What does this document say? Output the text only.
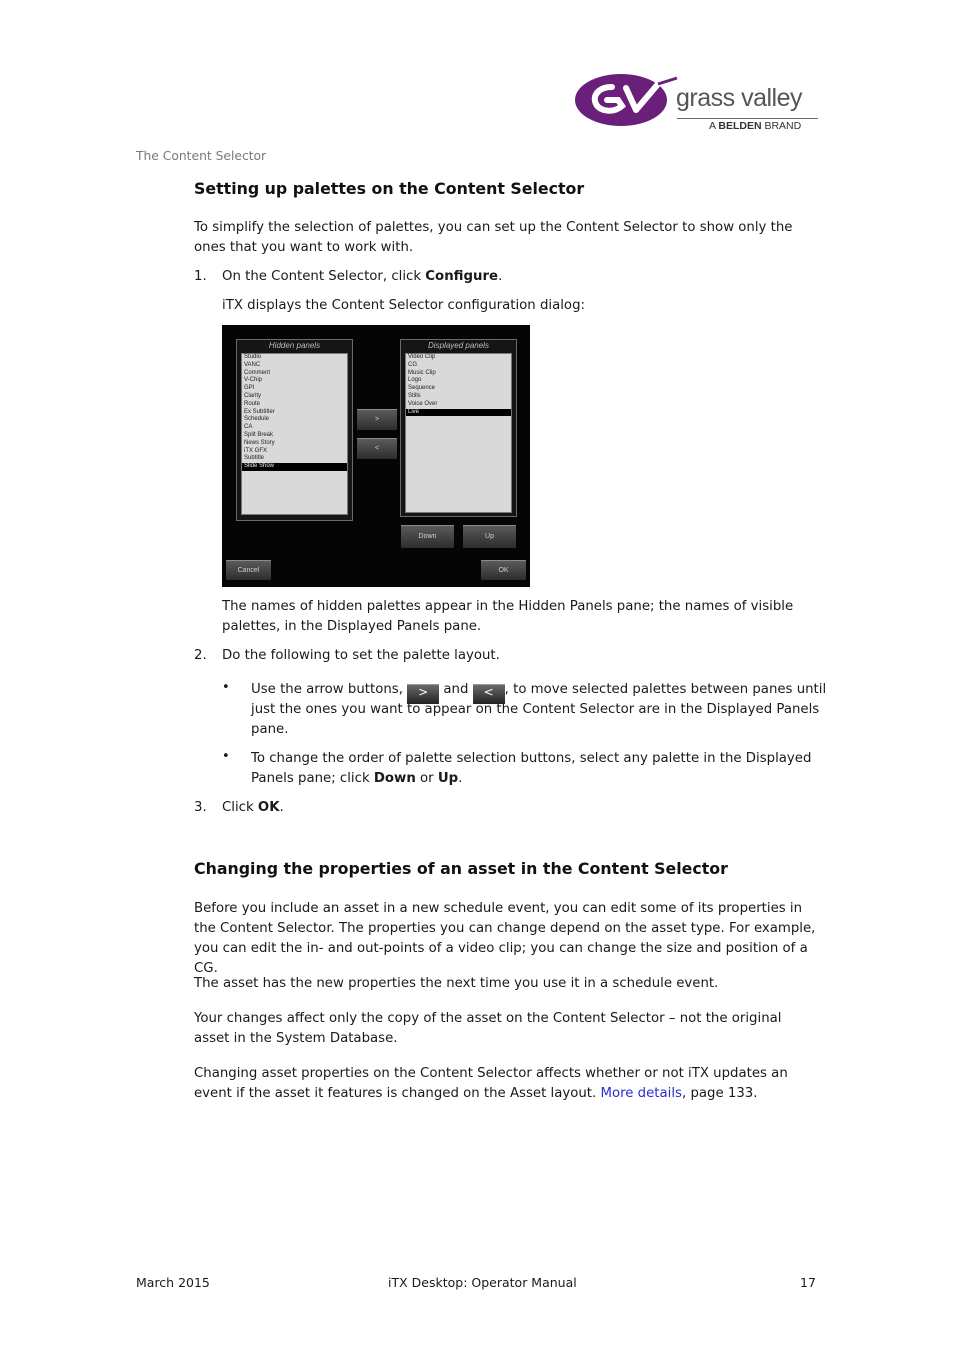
grass valley
A BELDEN BRAND
The Content Selector
Setting up palettes on the Content Selector

To simplify the selection of palettes, you can set up the Content Selector to show only the ones that you want to work with.

1. On the Content Selector, click Configure.

iTX displays the Content Selector configuration dialog:

Hidden panels
Studio
VANC
Comment
V-Chip
GPI
Clarity
Route
Ex Subtitler
Schedule
CA
Split Break
News Story
iTX GFX
Subtitle
Slide Show
Displayed panels
Video Clip
CG
Music Clip
Logo
Sequence
Stills
Voice Over
Live
>
<
Down	Up
Cancel	OK

The names of hidden palettes appear in the Hidden Panels pane; the names of visible palettes, in the Displayed Panels pane.

2. Do the following to set the palette layout.
• Use the arrow buttons, > and < , to move selected palettes between panes until
just the ones you want to appear on the Content Selector are in the Displayed Panels
pane.
• To change the order of palette selection buttons, select any palette in the Displayed
Panels pane; click Down or Up.
3. Click OK.
Changing the properties of an asset in the Content Selector

Before you include an asset in a new schedule event, you can edit some of its properties in the Content Selector. The properties you can change depend on the asset type. For example, you can edit the in- and out-points of a video clip; you can change the size and position of a CG.

The asset has the new properties the next time you use it in a schedule event.

Your changes affect only the copy of the asset on the Content Selector – not the original asset in the System Database.

Changing asset properties on the Content Selector affects whether or not iTX updates an event if the asset it features is changed on the Asset layout. More details, page 133.

March 2015	iTX Desktop: Operator Manual	17
